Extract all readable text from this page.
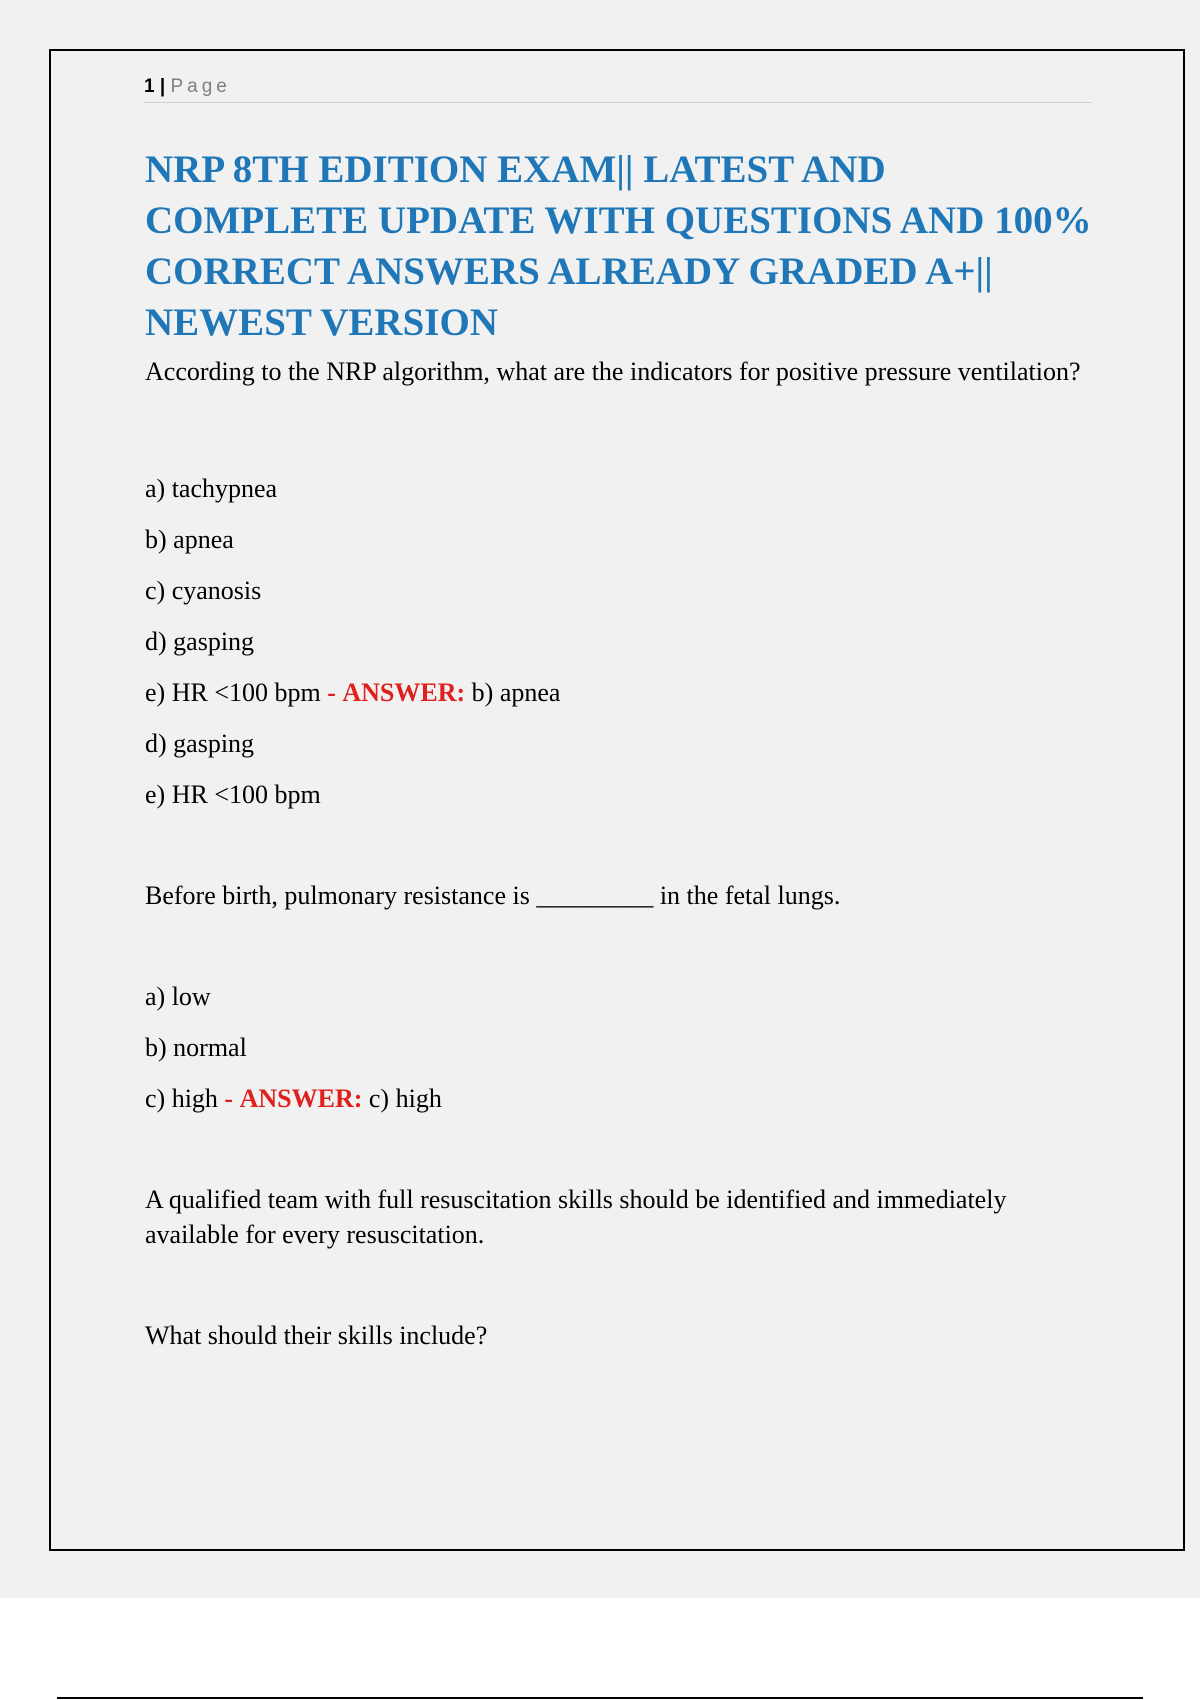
1 | Page
NRP 8TH EDITION EXAM|| LATEST AND COMPLETE UPDATE WITH QUESTIONS AND 100% CORRECT ANSWERS ALREADY GRADED A+|| NEWEST VERSION

According to the NRP algorithm, what are the indicators for positive pressure ventilation?

a) tachypnea

b) apnea

c) cyanosis

d) gasping

e) HR <100 bpm - ANSWER: b) apnea

d) gasping

e) HR <100 bpm

Before birth, pulmonary resistance is _________ in the fetal lungs.

a) low

b) normal

c) high - ANSWER: c) high

A qualified team with full resuscitation skills should be identified and immediately available for every resuscitation.

What should their skills include?
